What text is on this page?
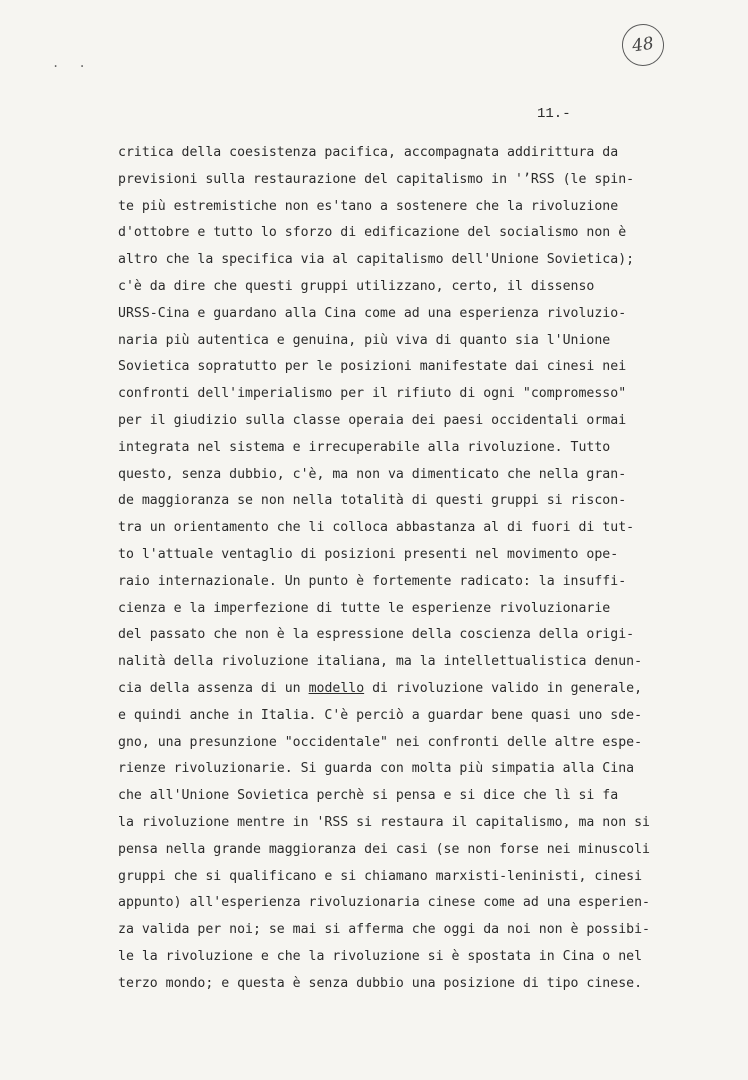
48
. .
11.-
critica della coesistenza pacifica, accompagnata addirittura da
previsioni sulla restaurazione del capitalismo in 'ʼRSS (le spin-
te più estremistiche non es'tano a sostenere che la rivoluzione
d'ottobre e tutto lo sforzo di edificazione del socialismo non è
altro che la specifica via al capitalismo dell'Unione Sovietica);
c'è da dire che questi gruppi utilizzano, certo, il dissenso
URSS-Cina e guardano alla Cina come ad una esperienza rivoluzio-
naria più autentica e genuina, più viva di quanto sia l'Unione
Sovietica sopratutto per le posizioni manifestate dai cinesi nei
confronti dell'imperialismo per il rifiuto di ogni "compromesso"
per il giudizio sulla classe operaia dei paesi occidentali ormai
integrata nel sistema e irrecuperabile alla rivoluzione. Tutto
questo, senza dubbio, c'è, ma non va dimenticato che nella gran-
de maggioranza se non nella totalità di questi gruppi si riscon-
tra un orientamento che li colloca abbastanza al di fuori di tut-
to l'attuale ventaglio di posizioni presenti nel movimento ope-
raio internazionale. Un punto è fortemente radicato: la insuffi-
cienza e la imperfezione di tutte le esperienze rivoluzionarie
del passato che non è la espressione della coscienza della origi-
nalità della rivoluzione italiana, ma la intellettualistica denun-
cia della assenza di un modello di rivoluzione valido in generale,
e quindi anche in Italia. C'è perciò a guardar bene quasi uno sde-
gno, una presunzione "occidentale" nei confronti delle altre espe-
rienze rivoluzionarie. Si guarda con molta più simpatia alla Cina
che all'Unione Sovietica perchè si pensa e si dice che lì si fa
la rivoluzione mentre in 'RSS si restaura il capitalismo, ma non si
pensa nella grande maggioranza dei casi (se non forse nei minuscoli
gruppi che si qualificano e si chiamano marxisti-leninisti, cinesi
appunto) all'esperienza rivoluzionaria cinese come ad una esperien-
za valida per noi; se mai si afferma che oggi da noi non è possibi-
le la rivoluzione e che la rivoluzione si è spostata in Cina o nel
terzo mondo; e questa è senza dubbio una posizione di tipo cinese.
